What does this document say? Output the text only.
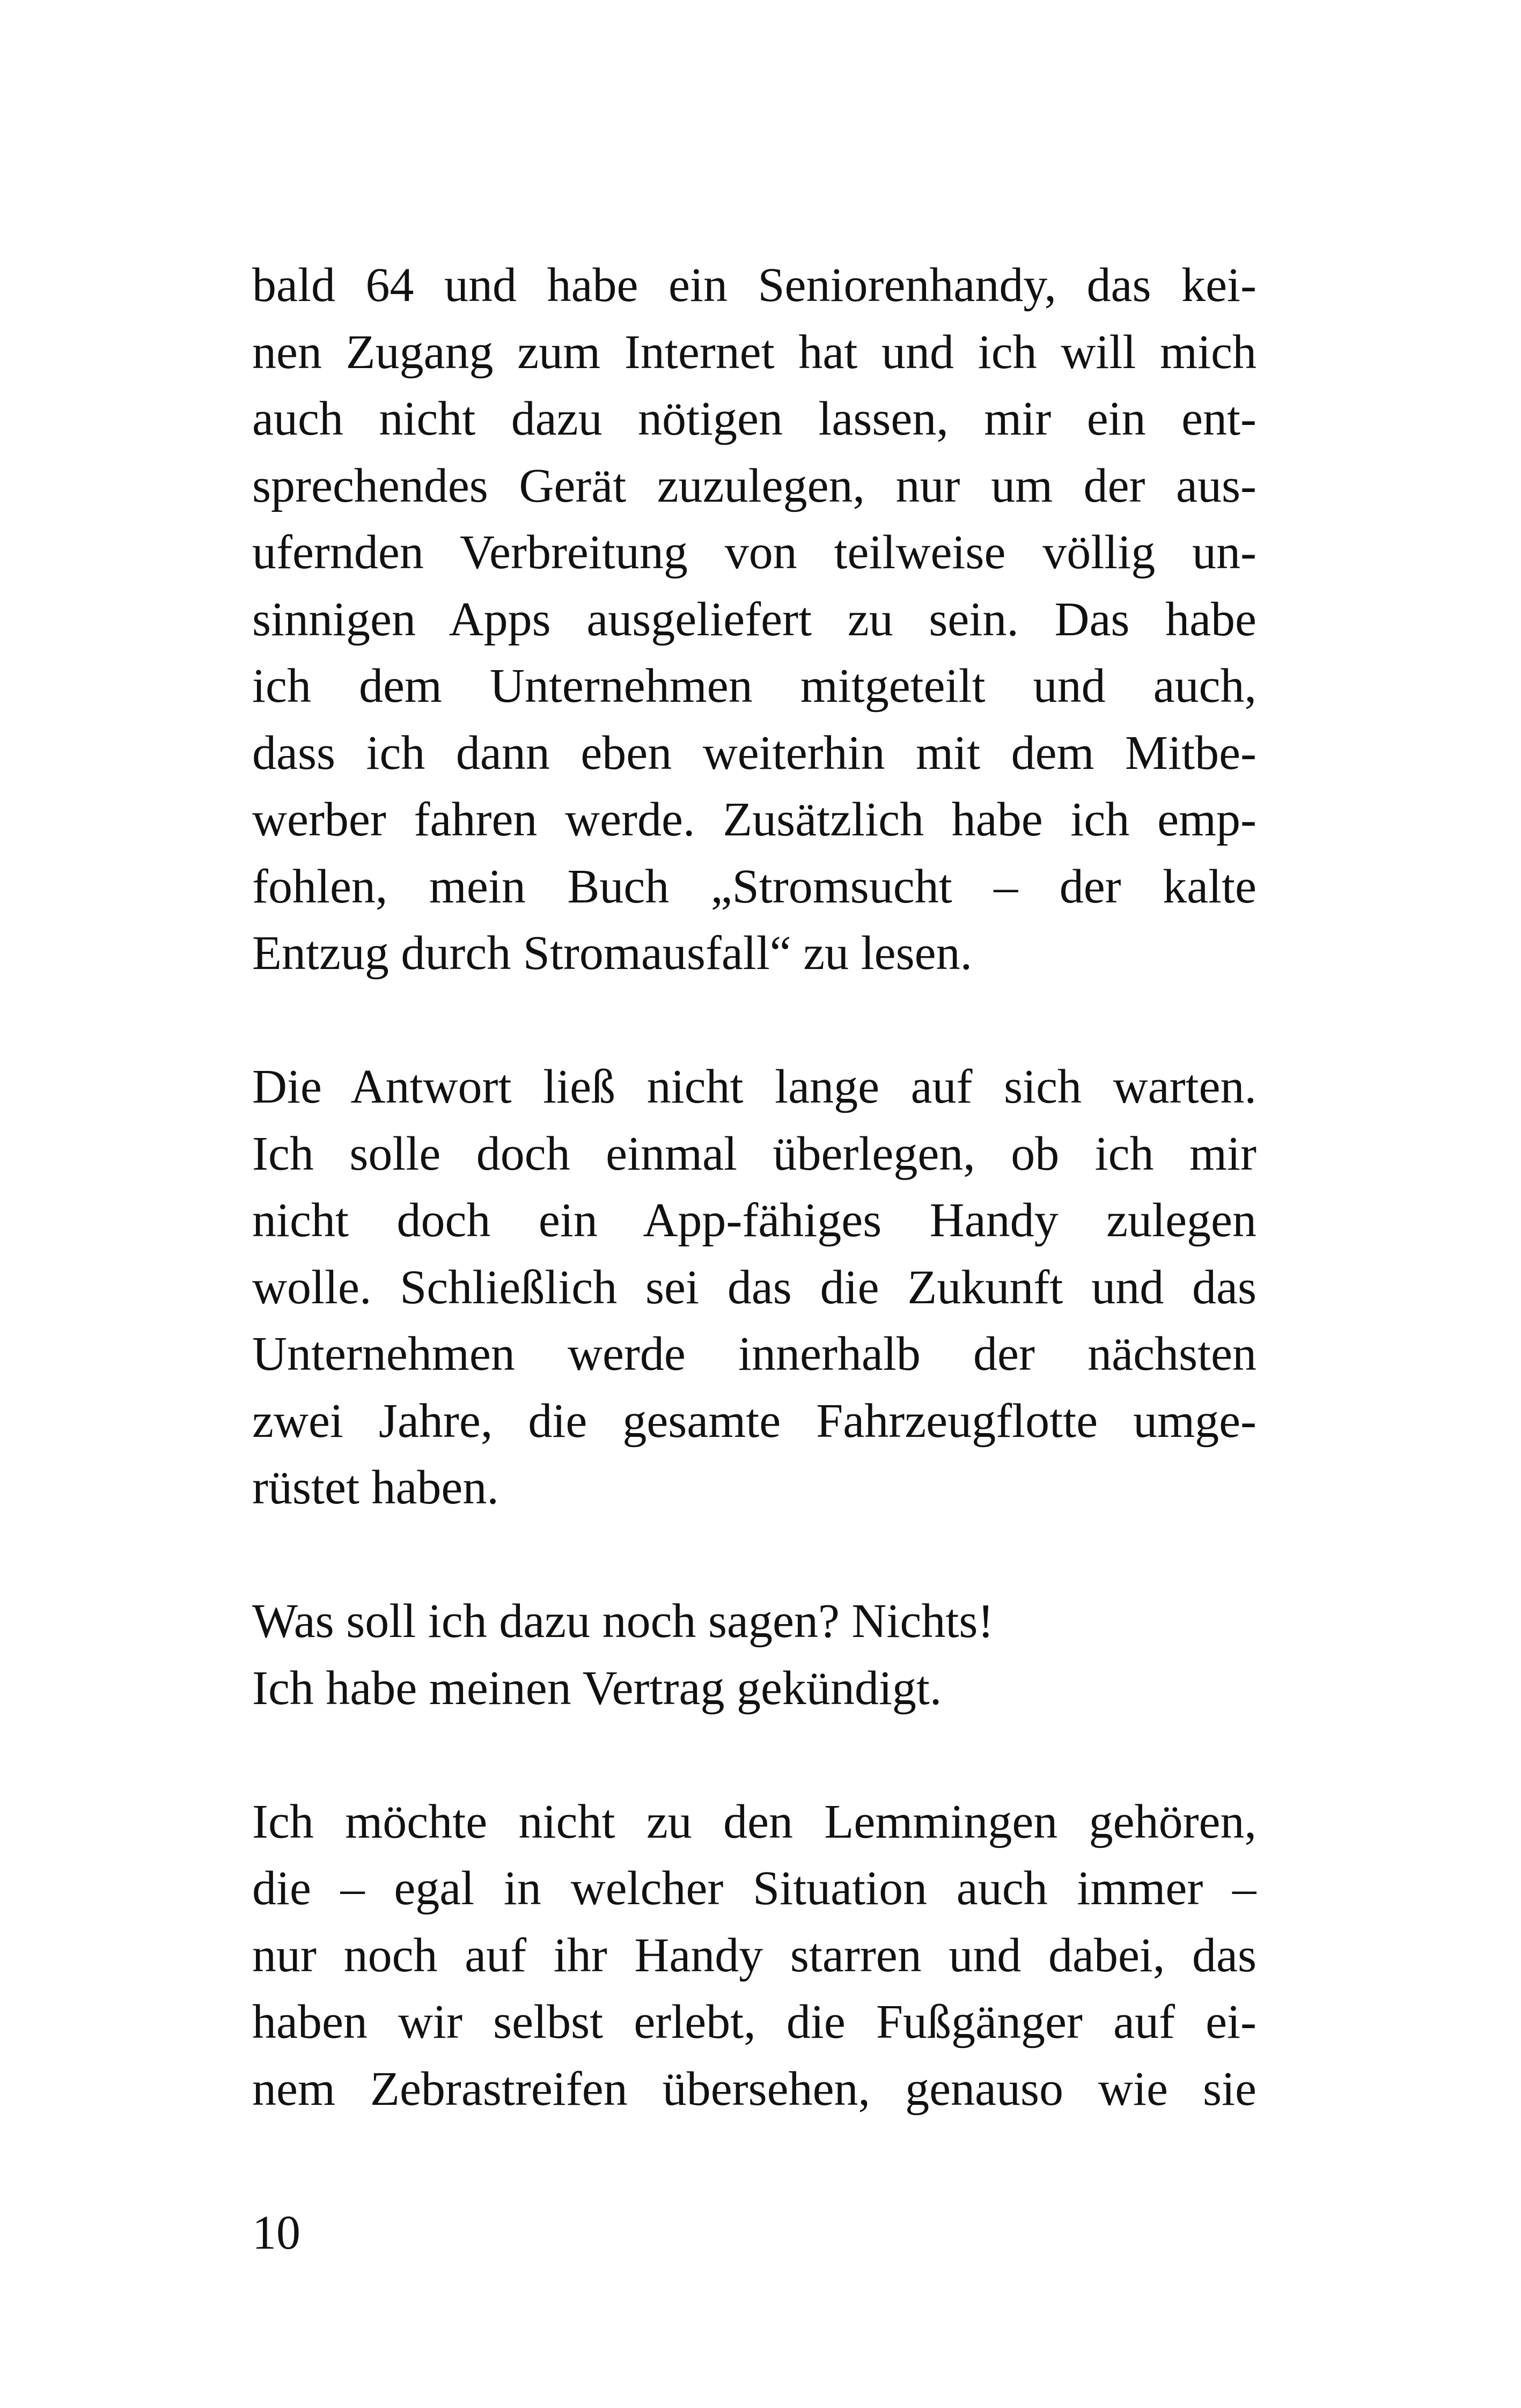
bald 64 und habe ein Seniorenhandy, das kei-
nen Zugang zum Internet hat und ich will mich
auch nicht dazu nötigen lassen, mir ein ent-
sprechendes Gerät zuzulegen, nur um der aus-
ufernden Verbreitung von teilweise völlig un-
sinnigen Apps ausgeliefert zu sein. Das habe
ich dem Unternehmen mitgeteilt und auch,
dass ich dann eben weiterhin mit dem Mitbe-
werber fahren werde. Zusätzlich habe ich emp-
fohlen, mein Buch „Stromsucht – der kalte
Entzug durch Stromausfall“ zu lesen.

Die Antwort ließ nicht lange auf sich warten.
Ich solle doch einmal überlegen, ob ich mir
nicht doch ein App-fähiges Handy zulegen
wolle. Schließlich sei das die Zukunft und das
Unternehmen werde innerhalb der nächsten
zwei Jahre, die gesamte Fahrzeugflotte umge-
rüstet haben.

Was soll ich dazu noch sagen? Nichts!
Ich habe meinen Vertrag gekündigt.

Ich möchte nicht zu den Lemmingen gehören,
die – egal in welcher Situation auch immer –
nur noch auf ihr Handy starren und dabei, das
haben wir selbst erlebt, die Fußgänger auf ei-
nem Zebrastreifen übersehen, genauso wie sie

10
